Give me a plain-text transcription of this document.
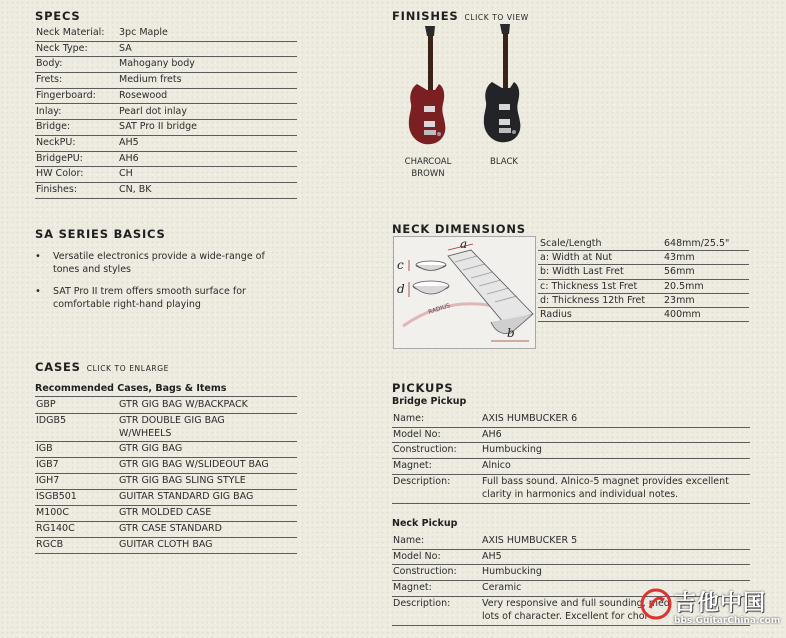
SPECS
Neck Material: 3pc Maple
Neck Type:	SA
Body:	Mahogany body
Frets:	Medium frets
Fingerboard: Rosewood
Inlay:	Pearl dot inlay
Bridge:	SAT Pro II bridge
NeckPU:	AH5
BridgePU:	AH6
HW Color:	CH
Finishes:	CN, BK
SA SERIES BASICS
• Versatile electronics provide a wide-range of tones and styles
• SAT Pro II trem offers smooth surface for comfortable right-hand playing
CASES CLICK TO ENLARGE
Recommended Cases, Bags & Items
GBP	GTR GIG BAG W/BACKPACK
IDGB5	GTR DOUBLE GIG BAG
W/WHEELS
IGB	GTR GIG BAG
IGB7	GTR GIG BAG W/SLIDEOUT BAG
IGH7	GTR GIG BAG SLING STYLE
ISGB501	GUITAR STANDARD GIG BAG
M100C	GTR MOLDED CASE
RG140C	GTR CASE STANDARD
RGCB	GUITAR CLOTH BAG
FINISHES CLICK TO VIEW
CHARCOAL
BROWN
BLACK
NECK DIMENSIONS
a
b
c
d
RADIUS
Scale/Length	648mm/25.5"
a: Width at Nut	43mm
b: Width Last Fret	56mm
c: Thickness 1st Fret	20.5mm
d: Thickness 12th Fret 23mm
Radius	400mm
PICKUPS
Bridge Pickup
Name:	AXIS HUMBUCKER 6
Model No:	AH6
Construction:	Humbucking
Magnet:	Alnico
Description:	Full bass sound. Alnico-5 magnet provides excellent
clarity in harmonics and individual notes.
Neck Pickup
Name:	AXIS HUMBUCKER 5
Model No:	AH5
Construction:	Humbucking
Magnet:	Ceramic
Description:	Very responsive and full sounding, med
lots of character. Excellent for chor
吉他中国
bbs.GuitarChina.com
